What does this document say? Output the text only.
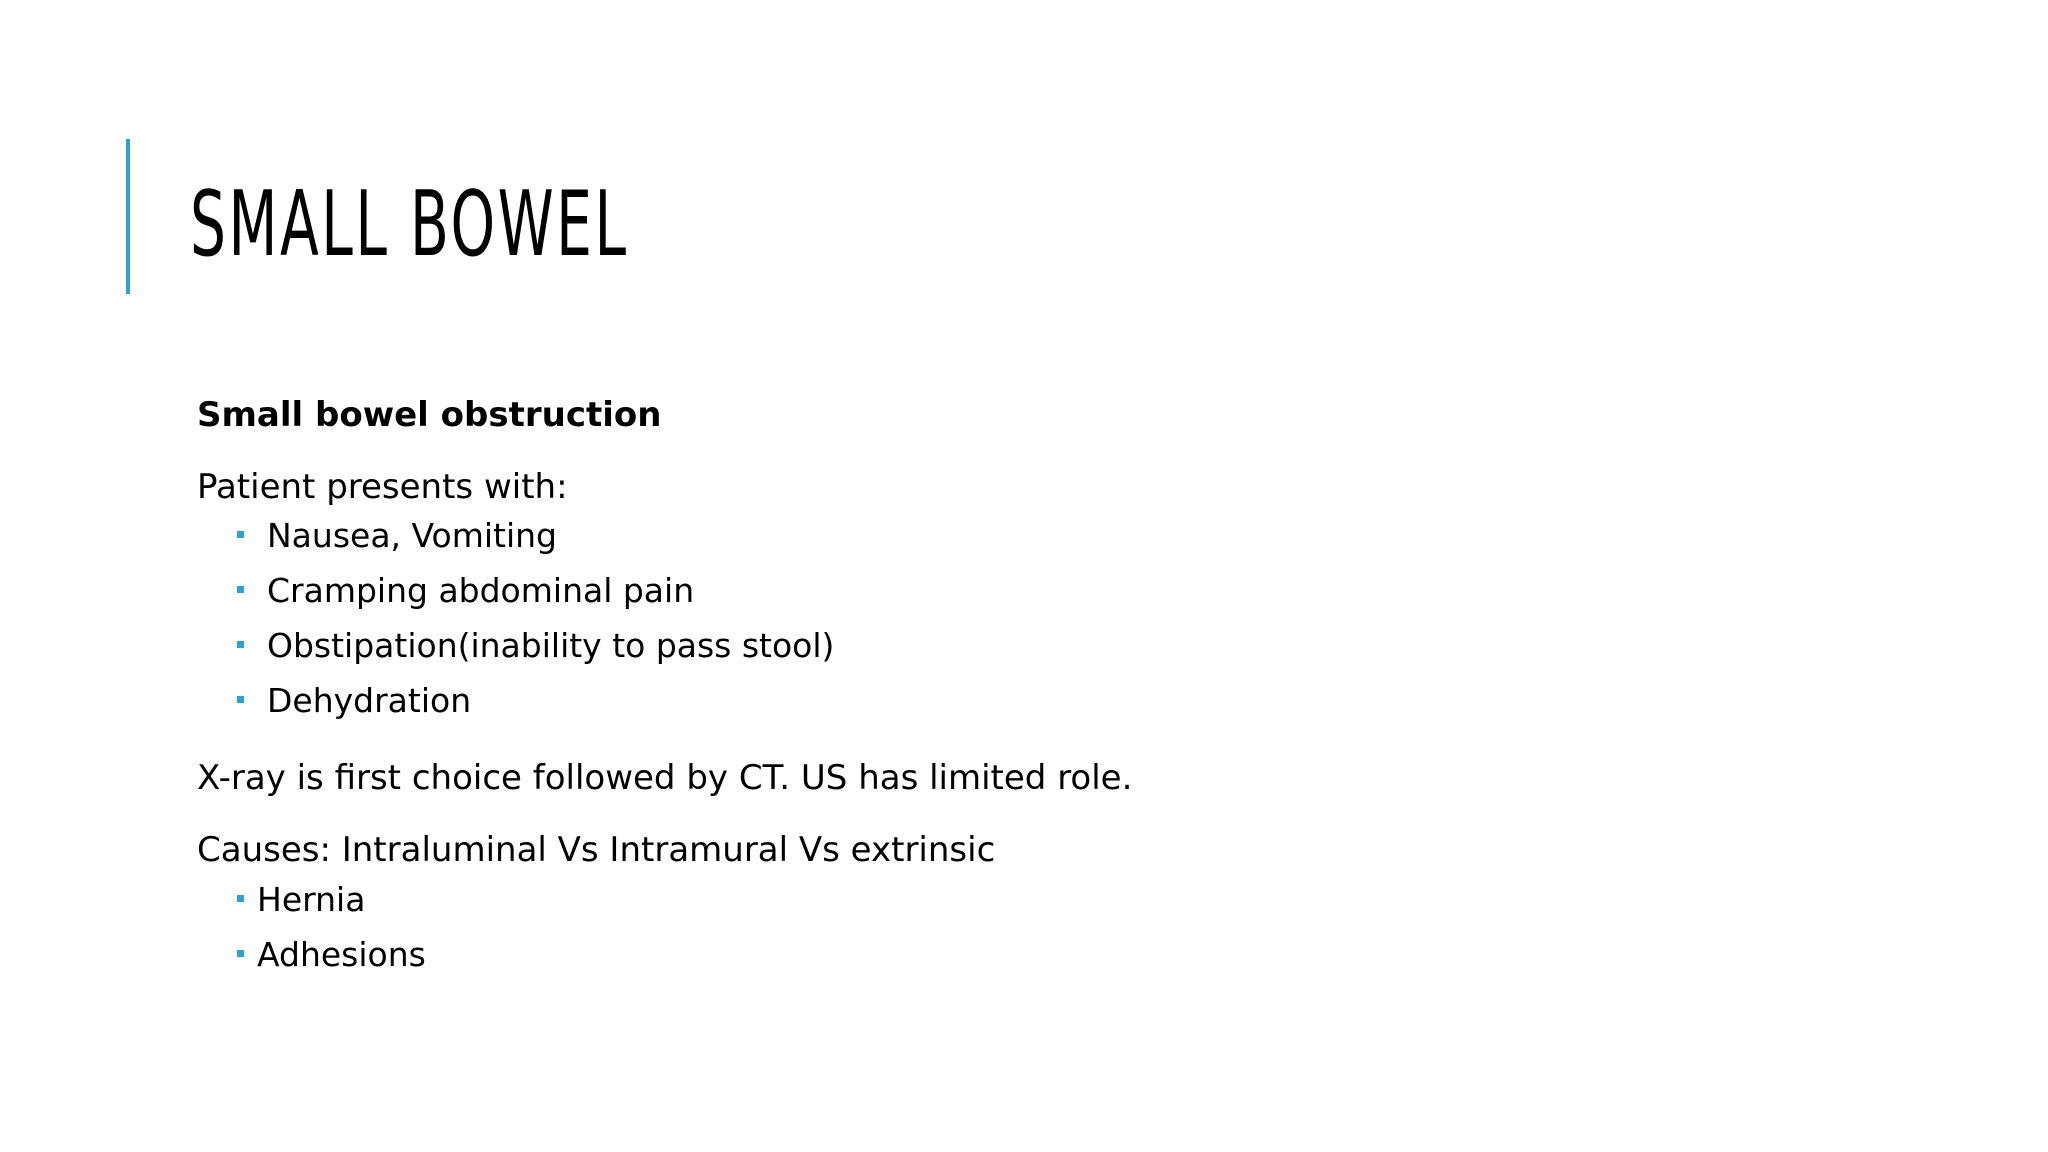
SMALL BOWEL

Small bowel obstruction

Patient presents with:

Nausea, Vomiting
Cramping abdominal pain
Obstipation(inability to pass stool)
Dehydration

X-ray is first choice followed by CT. US has limited role.

Causes: Intraluminal Vs Intramural Vs extrinsic

Hernia
Adhesions
